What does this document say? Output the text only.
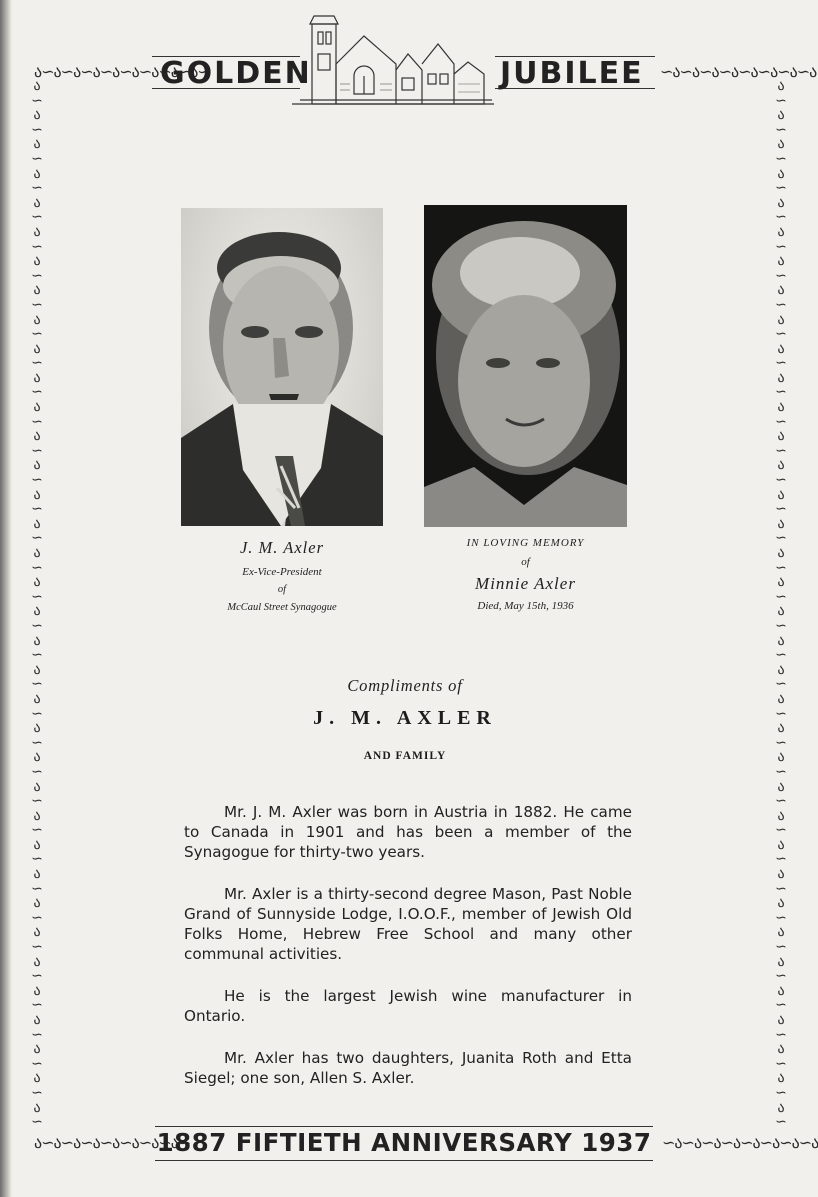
ა∽ა∽ა∽ა∽ა∽ა∽ა∽ა∽ა∽	∽ა∽ა∽ა∽ა∽ა∽ა∽ა∽ა
ა∽ა∽ა∽ა∽ა∽ა∽ა∽ა∽	∽ა∽ა∽ა∽ა∽ა∽ა∽ა∽ა
ა
∽
ა
∽
ა
∽
ა
∽
ა
∽
ა
∽
ა
∽
ა
∽
ა
∽
ა
∽
ა
∽
ა
∽
ა
∽
ა
∽
ა
∽
ა
∽
ა
∽
ა
∽
ა
∽
ა
∽
ა
∽
ა
∽
ა
∽
ა
∽
ა
∽
ა
∽
ა
∽
ა
∽
ა
∽
ა
∽
ა
∽
ა
∽
ა
∽
ა
∽
ა
∽
ა
∽

ა
∽
ა
∽
ა
∽
ა
∽
ა
∽
ა
∽
ა
∽
ა
∽
ა
∽
ა
∽
ა
∽
ა
∽
ა
∽
ა
∽
ა
∽
ა
∽
ა
∽
ა
∽
ა
∽
ა
∽
ა
∽
ა
∽
ა
∽
ა
∽
ა
∽
ა
∽
ა
∽
ა
∽
ა
∽
ა
∽
ა
∽
ა
∽
ა
∽
ა
∽
ა
∽
ა
∽

GOLDEN	JUBILEE
J. M. Axler
Ex-Vice-President
of
McCaul Street Synagogue
IN LOVING MEMORY
of
Minnie Axler
Died, May 15th, 1936
Compliments of
J. M. AXLER
AND FAMILY

Mr. J. M. Axler was born in Austria in 1882. He came to Canada in 1901 and has been a member of the Synagogue for thirty-two years.

Mr. Axler is a thirty-second degree Mason, Past Noble Grand of Sunnyside Lodge, I.O.O.F., member of Jewish Old Folks Home, Hebrew Free School and many other communal activities.

He is the largest Jewish wine manufacturer in Ontario.

Mr. Axler has two daughters, Juanita Roth and Etta Siegel; one son, Allen S. Axler.

1887 FIFTIETH ANNIVERSARY 1937
